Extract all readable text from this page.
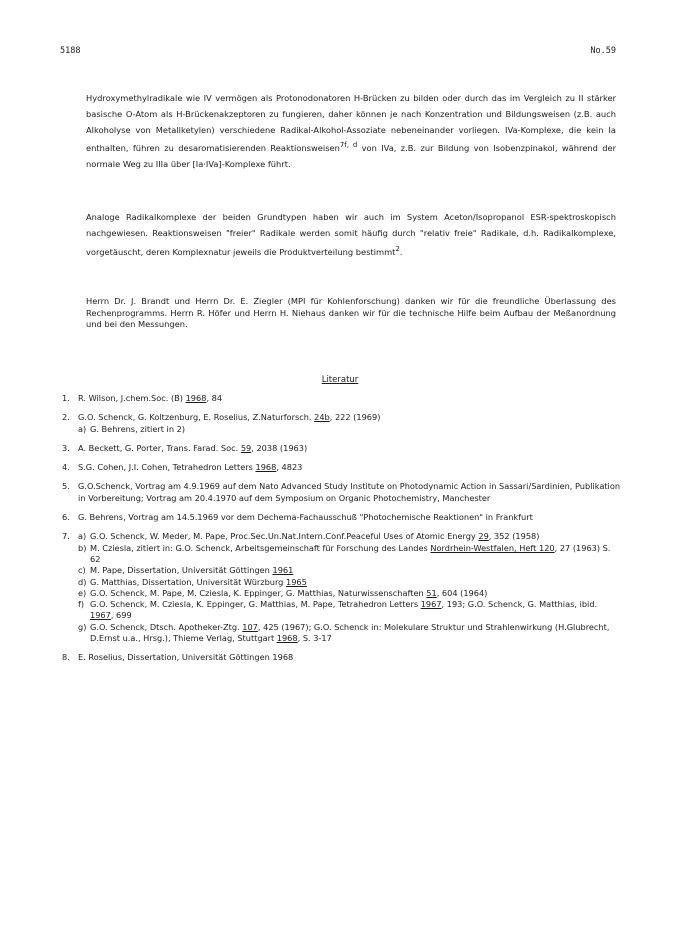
5188	No.59

Hydroxymethylradikale wie IV vermögen als Protonodonatoren H-Brücken zu bilden oder durch das im Vergleich zu II stärker basische O-Atom als H-Brückenakzeptoren zu fungieren, daher können je nach Konzentration und Bildungsweisen (z.B. auch Alkoholyse von Metallketylen) verschiedene Radikal-Alkohol-Assoziate nebeneinander vorliegen. IVa-Komplexe, die kein Ia enthalten, führen zu desaromatisierenden Reaktionsweisen$^{7f, d}$ von IVa, z.B. zur Bildung von Isobenzpinakol, während der normale Weg zu IIIa über [Ia·IVa]-Komplexe führt.

Analoge Radikalkomplexe der beiden Grundtypen haben wir auch im System Aceton/Isopropanol ESR-spektroskopisch nachgewiesen. Reaktionsweisen "freier" Radikale werden somit häufig durch "relativ freie" Radikale, d.h. Radikalkomplexe, vorgetäuscht, deren Komplexnatur jeweils die Produktverteilung bestimmt$^2$.

Herrn Dr. J. Brandt und Herrn Dr. E. Ziegler (MPI für Kohlenforschung) danken wir für die freundliche Überlassung des Rechenprogramms. Herrn R. Höfer und Herrn H. Niehaus danken wir für die technische Hilfe beim Aufbau der Meßanordnung und bei den Messungen.

Literatur
1. R. Wilson, J.chem.Soc. (B) 1968, 84
2. G.O. Schenck, G. Koltzenburg, E. Roselius, Z.Naturforsch. 24b, 222 (1969)
a) G. Behrens, zitiert in 2)
3. A. Beckett, G. Porter, Trans. Farad. Soc. 59, 2038 (1963)
4. S.G. Cohen, J.I. Cohen, Tetrahedron Letters 1968, 4823
5. G.O.Schenck, Vortrag am 4.9.1969 auf dem Nato Advanced Study Institute on Photodynamic Action in Sassari/Sardinien, Publikation in Vorbereitung; Vortrag am 20.4.1970 auf dem Symposium on Organic Photochemistry, Manchester
6. G. Behrens, Vortrag am 14.5.1969 vor dem Dechema-Fachausschuß "Photochemische Reaktionen" in Frankfurt
7. a) G.O. Schenck, W. Meder, M. Pape, Proc.Sec.Un.Nat.Intern.Conf.Peaceful Uses of Atomic Energy 29, 352 (1958)
b) M. Cziesla, zitiert in: G.O. Schenck, Arbeitsgemeinschaft für Forschung des Landes Nordrhein-Westfalen, Heft 120, 27 (1963) S. 62
c) M. Pape, Dissertation, Universität Göttingen 1961
d) G. Matthias, Dissertation, Universität Würzburg 1965
e) G.O. Schenck, M. Pape, M. Cziesla, K. Eppinger, G. Matthias, Naturwissenschaften 51, 604 (1964)
f) G.O. Schenck, M. Cziesla, K. Eppinger, G. Matthias, M. Pape, Tetrahedron Letters 1967, 193; G.O. Schenck, G. Matthias, ibid. 1967, 699
g) G.O. Schenck, Dtsch. Apotheker-Ztg. 107, 425 (1967); G.O. Schenck in: Molekulare Struktur und Strahlenwirkung (H.Glubrecht, D.Ernst u.a., Hrsg.), Thieme Verlag, Stuttgart 1968, S. 3-17
8. E. Roselius, Dissertation, Universität Göttingen 1968
